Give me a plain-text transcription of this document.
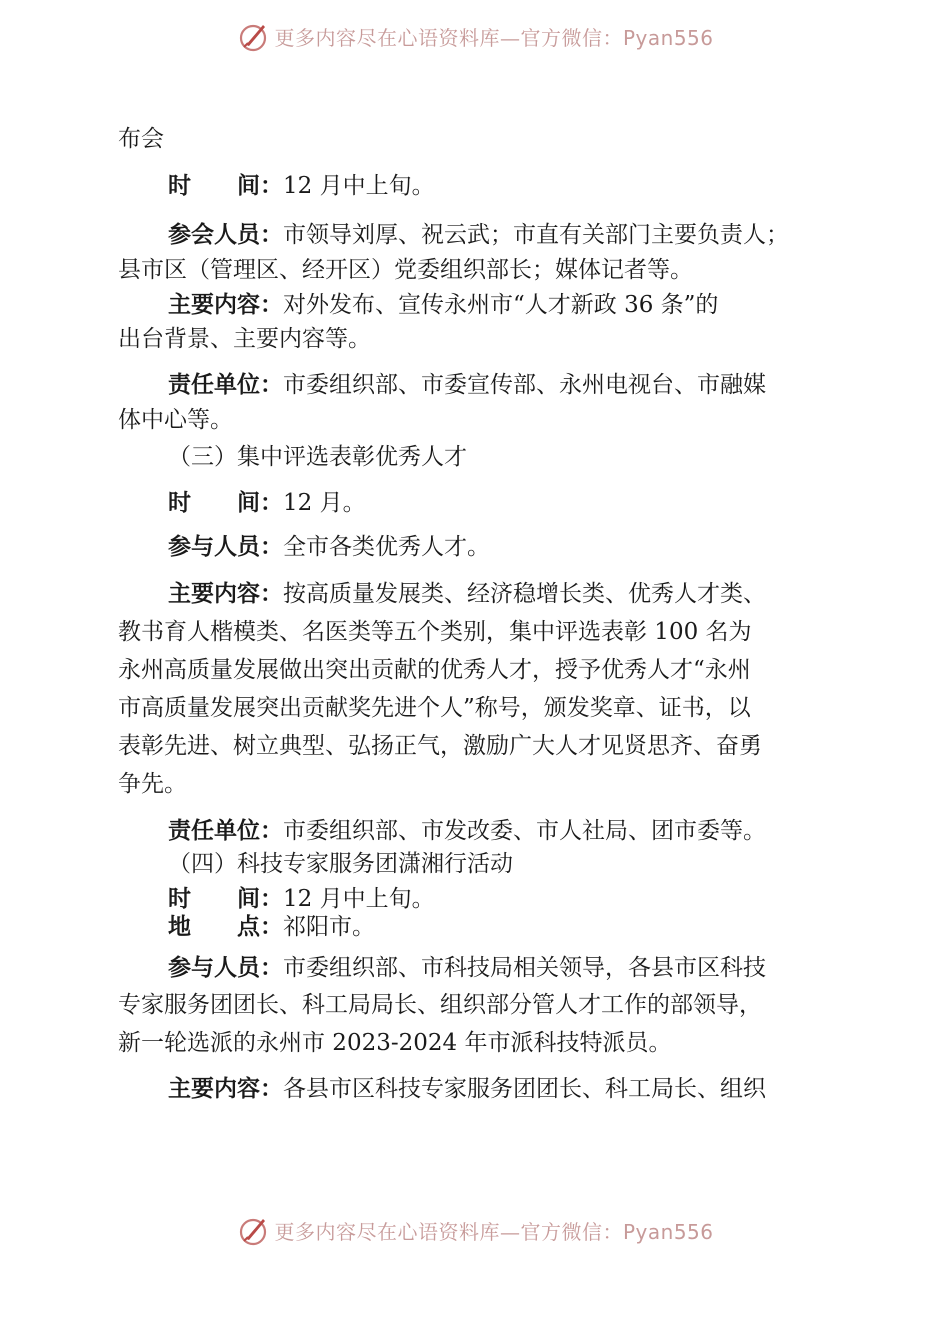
更多内容尽在心语资料库—官方微信：Pyan556
布会
时　　间：12 月中上旬。
参会人员：市领导刘厚、祝云武；市直有关部门主要负责人；
县市区（管理区、经开区）党委组织部长；媒体记者等。
主要内容：对外发布、宣传永州市“人才新政 36 条”的
出台背景、主要内容等。
责任单位：市委组织部、市委宣传部、永州电视台、市融媒
体中心等。
（三）集中评选表彰优秀人才
时　　间：12 月。
参与人员：全市各类优秀人才。
主要内容：按高质量发展类、经济稳增长类、优秀人才类、
教书育人楷模类、名医类等五个类别，集中评选表彰 100 名为
永州高质量发展做出突出贡献的优秀人才，授予优秀人才“永州
市高质量发展突出贡献奖先进个人”称号，颁发奖章、证书，以
表彰先进、树立典型、弘扬正气，激励广大人才见贤思齐、奋勇
争先。
责任单位：市委组织部、市发改委、市人社局、团市委等。
（四）科技专家服务团潇湘行活动
时　　间：12 月中上旬。
地　　点：祁阳市。
参与人员：市委组织部、市科技局相关领导，各县市区科技
专家服务团团长、科工局局长、组织部分管人才工作的部领导，
新一轮选派的永州市 2023-2024 年市派科技特派员。
主要内容：各县市区科技专家服务团团长、科工局长、组织
更多内容尽在心语资料库—官方微信：Pyan556
